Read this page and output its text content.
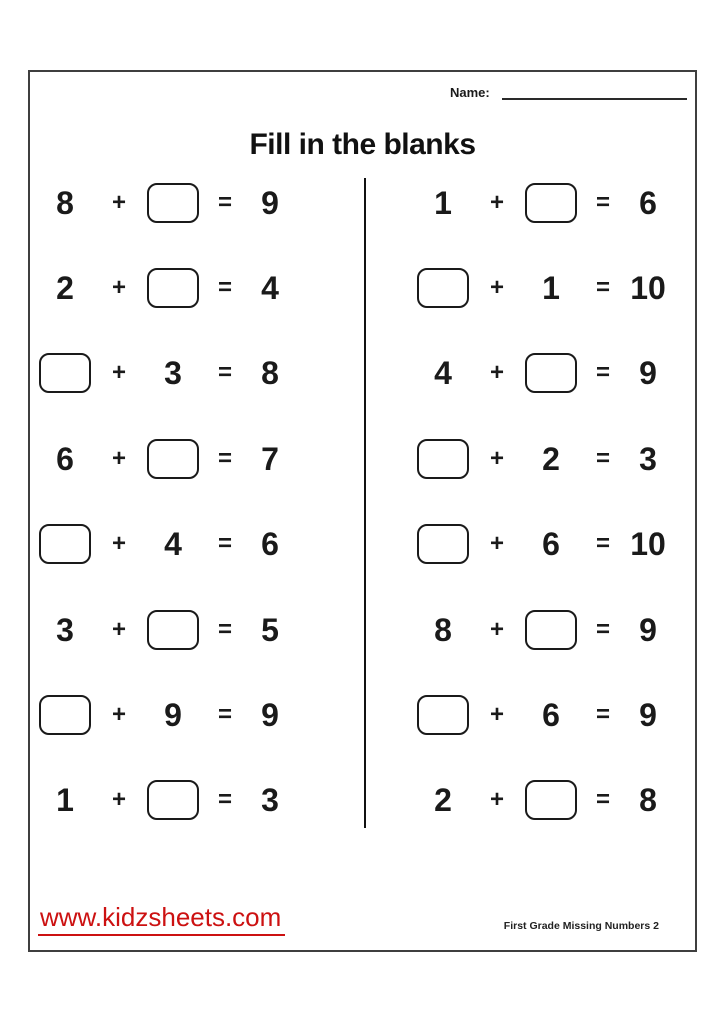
Name:
Fill in the blanks
8 +	= 9
2 +	= 4
+ 3 = 8
6 +	= 7
+ 4 = 6
3 +	= 5
+ 9 = 9
1 +	= 3
1 +	= 6
+ 1 = 10
4 +	= 9
+ 2 = 3
+ 6 = 10
8 +	= 9
+ 6 = 9
2 +	= 8
www.kidzsheets.com	First Grade Missing Numbers 2
